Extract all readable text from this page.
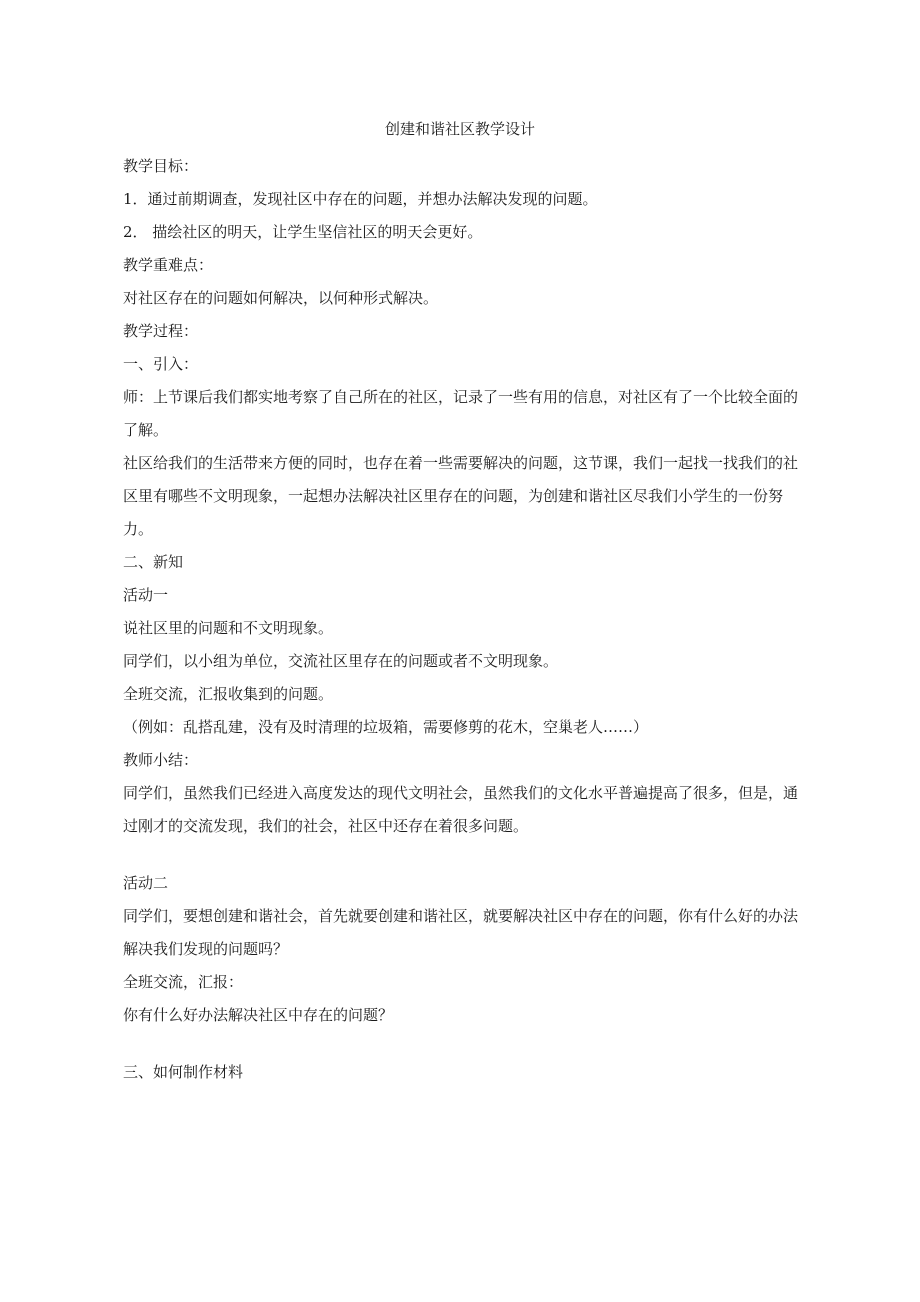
创建和谐社区教学设计

教学目标：

1．通过前期调查，发现社区中存在的问题，并想办法解决发现的问题。

2． 描绘社区的明天，让学生坚信社区的明天会更好。

教学重难点：

对社区存在的问题如何解决，以何种形式解决。

教学过程：

一、引入：

师：上节课后我们都实地考察了自己所在的社区，记录了一些有用的信息，对社区有了一个比较全面的了解。

社区给我们的生活带来方便的同时，也存在着一些需要解决的问题，这节课，我们一起找一找我们的社区里有哪些不文明现象，一起想办法解决社区里存在的问题，为创建和谐社区尽我们小学生的一份努力。

二、新知

活动一

说社区里的问题和不文明现象。

同学们，以小组为单位，交流社区里存在的问题或者不文明现象。

全班交流，汇报收集到的问题。

（例如：乱搭乱建，没有及时清理的垃圾箱，需要修剪的花木，空巢老人……）

教师小结：

同学们，虽然我们已经进入高度发达的现代文明社会，虽然我们的文化水平普遍提高了很多，但是，通过刚才的交流发现，我们的社会，社区中还存在着很多问题。

活动二

同学们，要想创建和谐社会，首先就要创建和谐社区，就要解决社区中存在的问题，你有什么好的办法解决我们发现的问题吗？

全班交流，汇报：

你有什么好办法解决社区中存在的问题？

三、如何制作材料
